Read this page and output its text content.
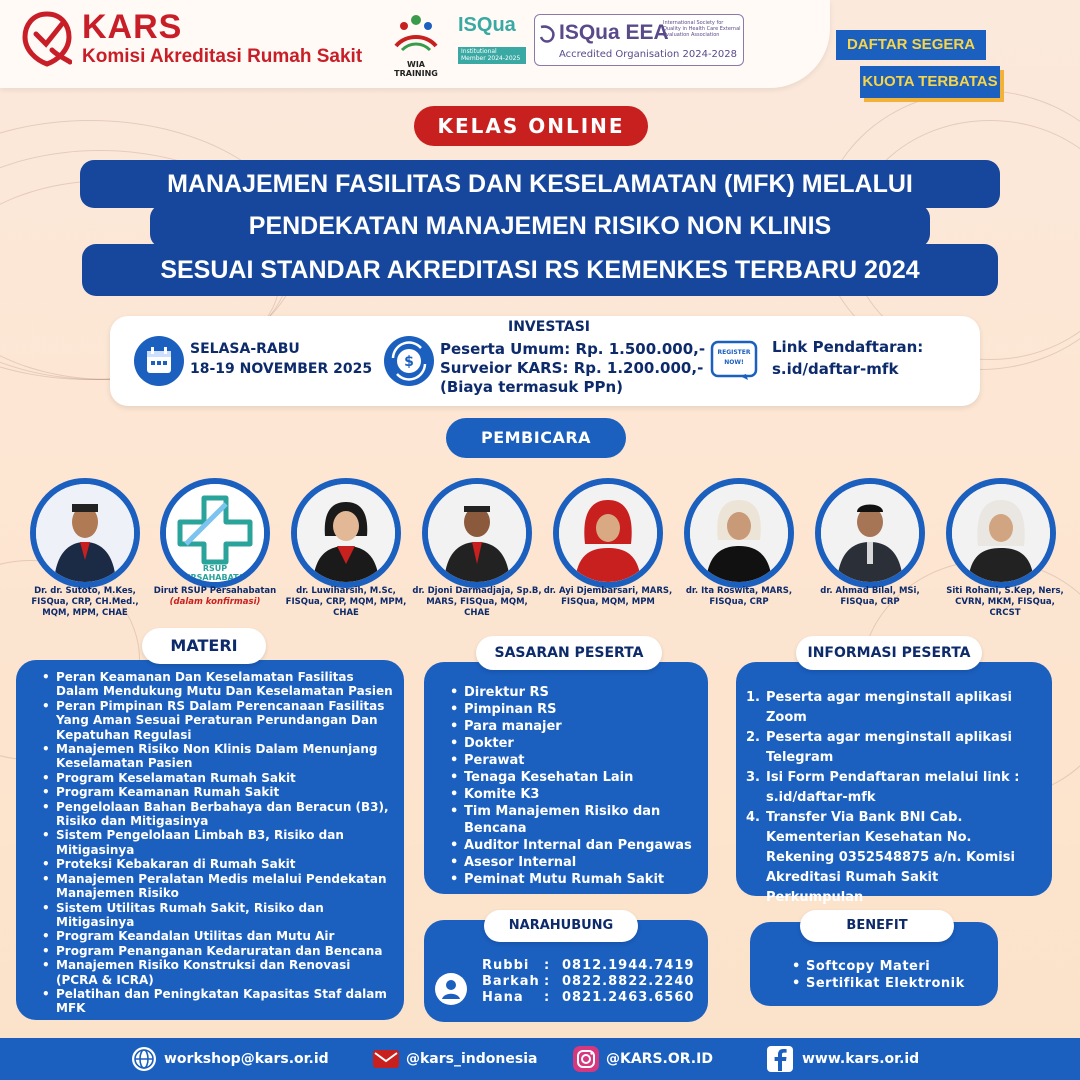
KARS
Komisi Akreditasi Rumah Sakit	WIA TRAINING
ISQua
Institutional Member 2024-2025
ISQua EEA
International Society for Quality in Health Care External Evaluation Association
Accredited Organisation 2024-2028
DAFTAR SEGERA
KUOTA TERBATAS
KELAS ONLINE
MANAJEMEN FASILITAS DAN KESELAMATAN (MFK) MELALUI
PENDEKATAN MANAJEMEN RISIKO NON KLINIS
SESUAI STANDAR AKREDITASI RS KEMENKES TERBARU 2024
SELASA-RABU
18-19 NOVEMBER 2025	$
INVESTASI
Peserta Umum: Rp. 1.500.000,-
Surveior KARS: Rp. 1.200.000,-
(Biaya termasuk PPn)
REGISTER NOW!
Link Pendaftaran:
s.id/daftar-mfk
PEMBICARA
RSUP PERSAHABATAN
Dr. dr. Sutoto, M.Kes, FISQua, CRP, CH.Med., MQM, MPM, CHAE
Dirut RSUP Persahabatan
(dalam konfirmasi)
dr. Luwiharsih, M.Sc, FISQua, CRP, MQM, MPM, CHAE
dr. Djoni Darmadjaja, Sp.B, MARS, FISQua, MQM, CHAE
dr. Ayi Djembarsari, MARS, FISQua, MQM, MPM
dr. Ita Roswita, MARS, FISQua, CRP
dr. Ahmad Bilal, MSi, FISQua, CRP
Siti Rohani, S.Kep, Ners, CVRN, MKM, FISQua, CRCST
• Peran Keamanan Dan Keselamatan Fasilitas Dalam Mendukung Mutu Dan Keselamatan Pasien
• Peran Pimpinan RS Dalam Perencanaan Fasilitas Yang Aman Sesuai Peraturan Perundangan Dan Kepatuhan Regulasi
• Manajemen Risiko Non Klinis Dalam Menunjang Keselamatan Pasien
• Program Keselamatan Rumah Sakit
• Program Keamanan Rumah Sakit
• Pengelolaan Bahan Berbahaya dan Beracun (B3), Risiko dan Mitigasinya
• Sistem Pengelolaan Limbah B3, Risiko dan Mitigasinya
• Proteksi Kebakaran di Rumah Sakit
• Manajemen Peralatan Medis melalui Pendekatan Manajemen Risiko
• Sistem Utilitas Rumah Sakit, Risiko dan Mitigasinya
• Program Keandalan Utilitas dan Mutu Air
• Program Penanganan Kedaruratan dan Bencana
• Manajemen Risiko Konstruksi dan Renovasi (PCRA & ICRA)
• Pelatihan dan Peningkatan Kapasitas Staf dalam MFK
MATERI
• Direktur RS
• Pimpinan RS
• Para manajer
• Dokter
• Perawat
• Tenaga Kesehatan Lain
• Komite K3
• Tim Manajemen Risiko dan Bencana
• Auditor Internal dan Pengawas
• Asesor Internal
• Peminat Mutu Rumah Sakit
SASARAN PESERTA
1. Peserta agar menginstall aplikasi Zoom
2. Peserta agar menginstall aplikasi Telegram
3. Isi Form Pendaftaran melalui link : s.id/daftar-mfk
4. Transfer Via Bank BNI Cab. Kementerian Kesehatan No. Rekening 0352548875 a/n. Komisi Akreditasi Rumah Sakit Perkumpulan
INFORMASI PESERTA
Rubbi	: 0812.1944.7419
Barkah : 0822.8822.2240
Hana	: 0821.2463.6560
NARAHUBUNG
• Softcopy Materi
• Sertifikat Elektronik
BENEFIT
workshop@kars.or.id	@kars_indonesia	@KARS.OR.ID	www.kars.or.id
